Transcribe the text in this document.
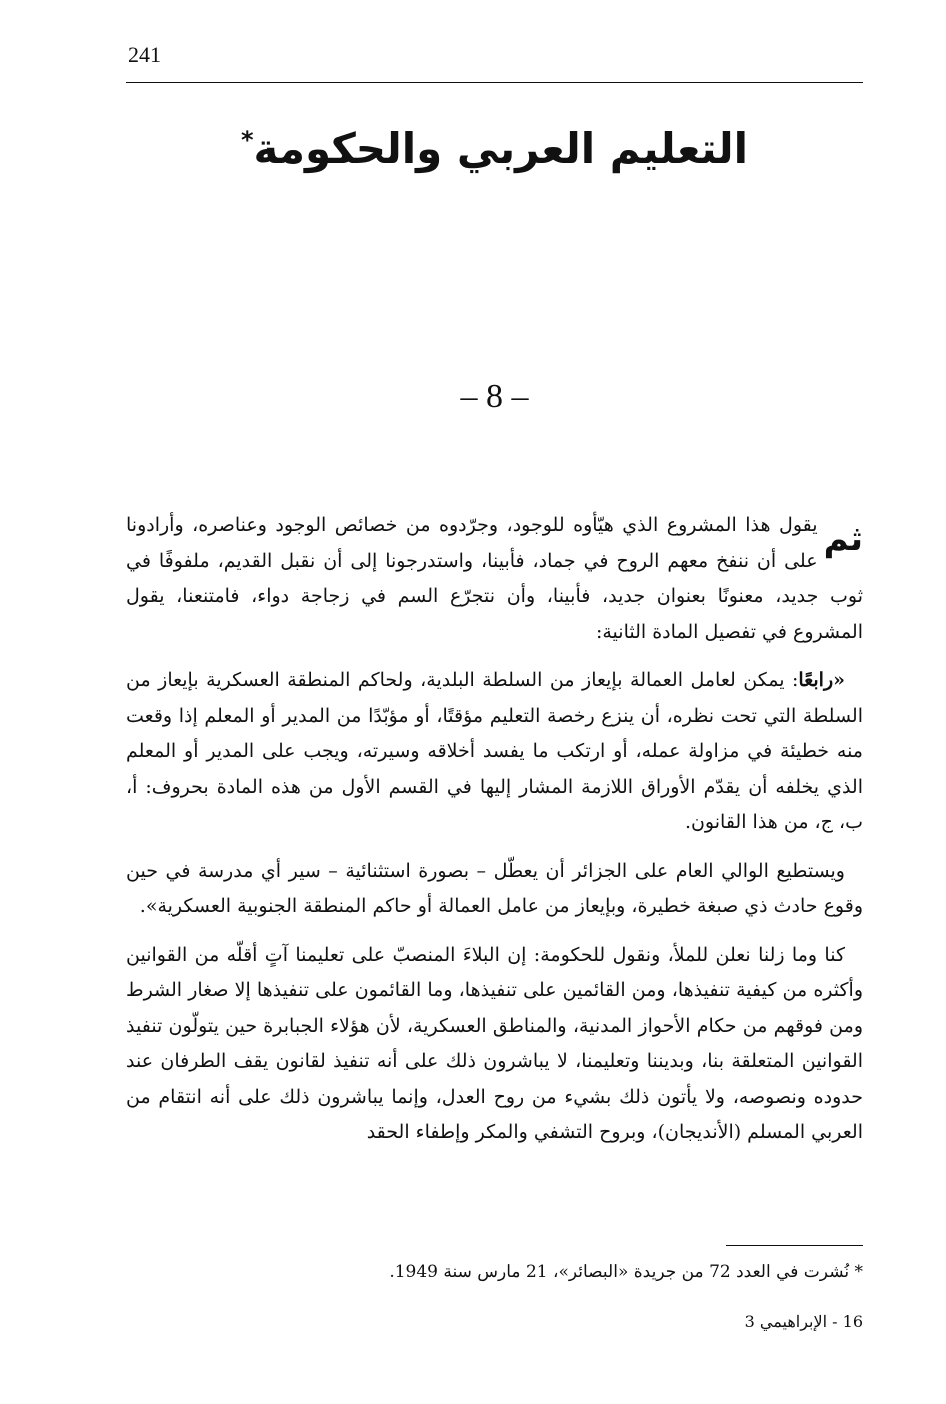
241
التعليم العربي والحكومة*
– 8 –

ثم
يقول هذا المشروع الذي هيّأوه للوجود، وجرّدوه من خصائص الوجود وعناصره، وأرادونا على أن ننفخ معهم الروح في جماد، فأبينا، واستدرجونا إلى أن نقبل القديم، ملفوفًا في ثوب جديد، معنونًا بعنوان جديد، فأبينا، وأن نتجرّع السم في زجاجة دواء، فامتنعنا، يقول المشروع في تفصيل المادة الثانية:

«رابعًا: يمكن لعامل العمالة بإيعاز من السلطة البلدية، ولحاكم المنطقة العسكرية بإيعاز من السلطة التي تحت نظره، أن ينزع رخصة التعليم مؤقتًا، أو مؤبّدًا من المدير أو المعلم إذا وقعت منه خطيئة في مزاولة عمله، أو ارتكب ما يفسد أخلاقه وسيرته، ويجب على المدير أو المعلم الذي يخلفه أن يقدّم الأوراق اللازمة المشار إليها في القسم الأول من هذه المادة بحروف: أ، ب، ج، من هذا القانون.

ويستطيع الوالي العام على الجزائر أن يعطّل – بصورة استثنائية – سير أي مدرسة في حين وقوع حادث ذي صبغة خطيرة، وبإيعاز من عامل العمالة أو حاكم المنطقة الجنوبية العسكرية».

كنا وما زلنا نعلن للملأ، ونقول للحكومة: إن البلاءَ المنصبّ على تعليمنا آتٍ أقلّه من القوانين وأكثره من كيفية تنفيذها، ومن القائمين على تنفيذها، وما القائمون على تنفيذها إلا صغار الشرط ومن فوقهم من حكام الأحواز المدنية، والمناطق العسكرية، لأن هؤلاء الجبابرة حين يتولّون تنفيذ القوانين المتعلقة بنا، وبديننا وتعليمنا، لا يباشرون ذلك على أنه تنفيذ لقانون يقف الطرفان عند حدوده ونصوصه، ولا يأتون ذلك بشيء من روح العدل، وإنما يباشرون ذلك على أنه انتقام من العربي المسلم (الأنديجان)، وبروح التشفي والمكر وإطفاء الحقد

* نُشرت في العدد 72 من جريدة «البصائر»، 21 مارس سنة 1949.
16 - الإبراهيمي 3
